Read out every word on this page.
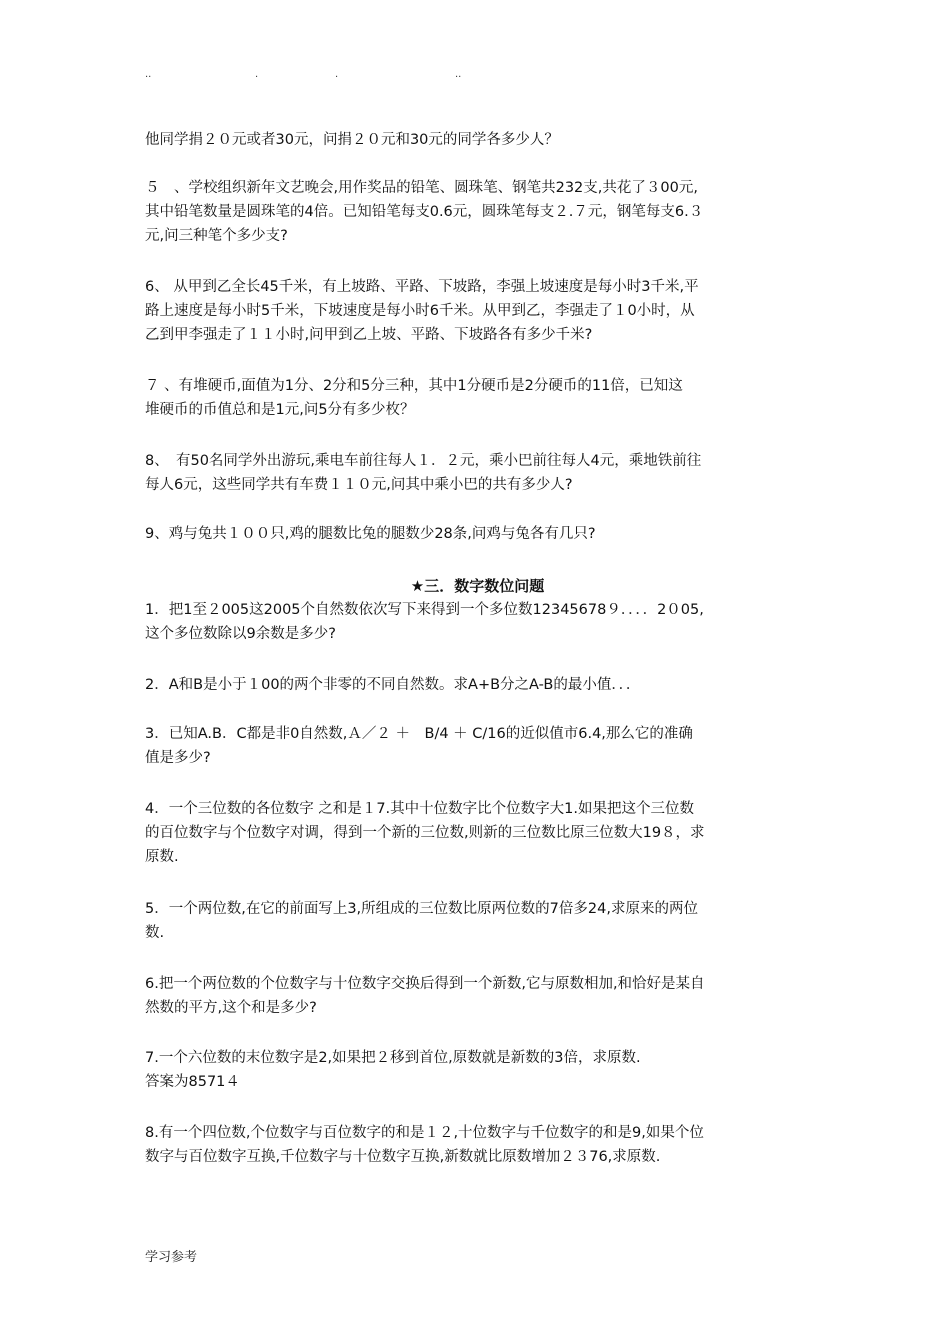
..	.	.	..
他同学捐２０元或者30元，问捐２０元和30元的同学各多少人？
５　、学校组织新年文艺晚会,用作奖品的铅笔、圆珠笔、钢笔共232支,共花了３00元,
其中铅笔数量是圆珠笔的4倍。已知铅笔每支0.6元，圆珠笔每支２.７元，钢笔每支6.３
元,问三种笔个多少支?
6、 从甲到乙全长45千米，有上坡路、平路、下坡路，李强上坡速度是每小时3千米,平
路上速度是每小时5千米，下坡速度是每小时6千米。从甲到乙，李强走了１0小时，从
乙到甲李强走了１１小时,问甲到乙上坡、平路、下坡路各有多少千米?
７ 、有堆硬币,面值为1分、2分和5分三种，其中1分硬币是2分硬币的11倍，已知这
堆硬币的币值总和是1元,问5分有多少枚？
8、　有50名同学外出游玩,乘电车前往每人１．２元，乘小巴前往每人4元，乘地铁前往
每人6元，这些同学共有车费１１０元,问其中乘小巴的共有多少人?
9、鸡与兔共１００只,鸡的腿数比兔的腿数少28条,问鸡与兔各有几只?
★三．数字数位问题
1．把1至２005这2005个自然数依次写下来得到一个多位数12345678９．．．．2０05,
这个多位数除以9余数是多少?
2．A和B是小于１00的两个非零的不同自然数。求A+B分之A-B的最小值．．．
3．已知A.B．C都是非0自然数,Ａ／２ ＋　B/4 ＋ C/16的近似值市6.4,那么它的准确
值是多少?
4．一个三位数的各位数字 之和是１7.其中十位数字比个位数字大1.如果把这个三位数
的百位数字与个位数字对调，得到一个新的三位数,则新的三位数比原三位数大19８，求
原数.
5．一个两位数,在它的前面写上3,所组成的三位数比原两位数的7倍多24,求原来的两位
数.
6.把一个两位数的个位数字与十位数字交换后得到一个新数,它与原数相加,和恰好是某自
然数的平方,这个和是多少?
7.一个六位数的末位数字是2,如果把２移到首位,原数就是新数的3倍，求原数.
答案为8571４
8.有一个四位数,个位数字与百位数字的和是１２,十位数字与千位数字的和是9,如果个位
数字与百位数字互换,千位数字与十位数字互换,新数就比原数增加２３76,求原数.
学习参考
